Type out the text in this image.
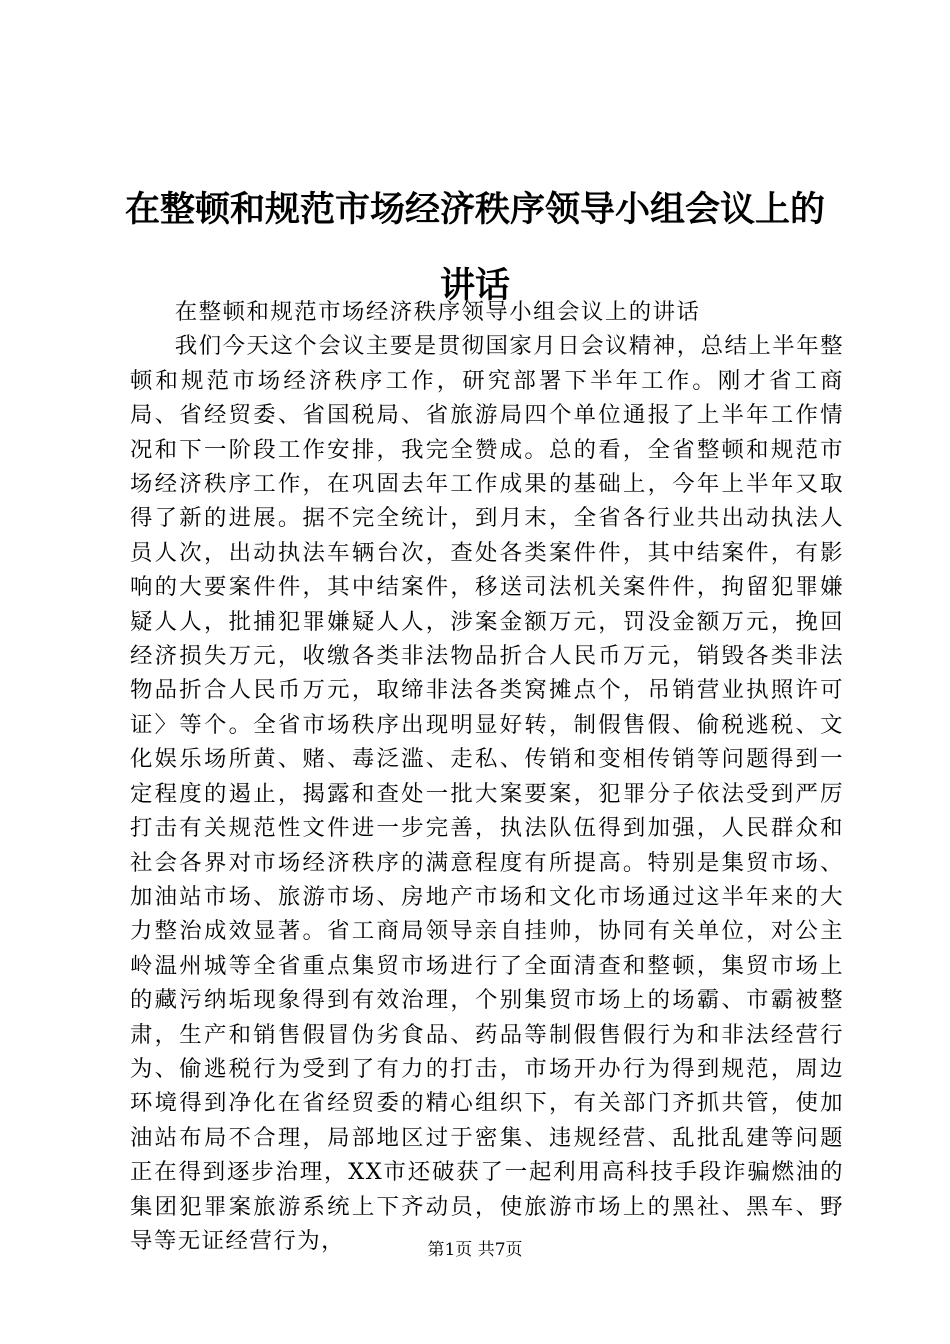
在整顿和规范市场经济秩序领导小组会议上的讲话

在整顿和规范市场经济秩序领导小组会议上的讲话

我们今天这个会议主要是贯彻国家月日会议精神，总结上半年整顿和规范市场经济秩序工作，研究部署下半年工作。刚才省工商局、省经贸委、省国税局、省旅游局四个单位通报了上半年工作情况和下一阶段工作安排，我完全赞成。总的看，全省整顿和规范市场经济秩序工作，在巩固去年工作成果的基础上，今年上半年又取得了新的进展。据不完全统计，到月末，全省各行业共出动执法人员人次，出动执法车辆台次，查处各类案件件，其中结案件，有影响的大要案件件，其中结案件，移送司法机关案件件，拘留犯罪嫌疑人人，批捕犯罪嫌疑人人，涉案金额万元，罚没金额万元，挽回经济损失万元，收缴各类非法物品折合人民币万元，销毁各类非法物品折合人民币万元，取缔非法各类窝摊点个，吊销营业执照许可证〉等个。全省市场秩序出现明显好转，制假售假、偷税逃税、文化娱乐场所黄、赌、毒泛滥、走私、传销和变相传销等问题得到一定程度的遏止，揭露和查处一批大案要案，犯罪分子依法受到严厉打击有关规范性文件进一步完善，执法队伍得到加强，人民群众和社会各界对市场经济秩序的满意程度有所提高。特别是集贸市场、加油站市场、旅游市场、房地产市场和文化市场通过这半年来的大力整治成效显著。省工商局领导亲自挂帅，协同有关单位，对公主岭温州城等全省重点集贸市场进行了全面清查和整顿，集贸市场上的藏污纳垢现象得到有效治理，个别集贸市场上的场霸、市霸被整肃，生产和销售假冒伪劣食品、药品等制假售假行为和非法经营行为、偷逃税行为受到了有力的打击，市场开办行为得到规范，周边环境得到净化在省经贸委的精心组织下，有关部门齐抓共管，使加油站布局不合理，局部地区过于密集、违规经营、乱批乱建等问题正在得到逐步治理，XX市还破获了一起利用高科技手段诈骗燃油的集团犯罪案旅游系统上下齐动员，使旅游市场上的黑社、黑车、野导等无证经营行为，	第1页 共7页
